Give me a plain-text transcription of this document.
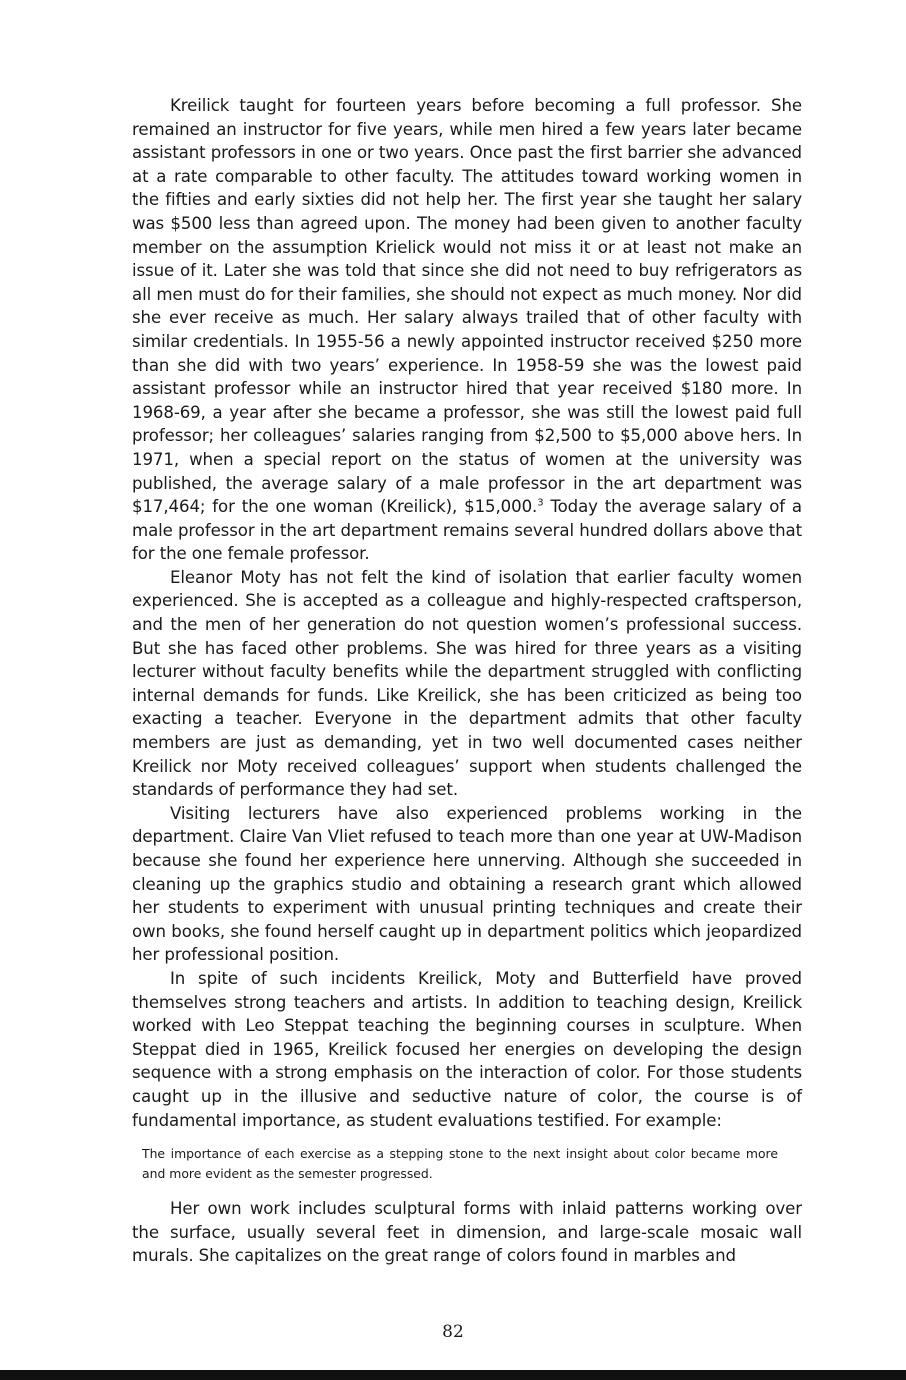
Kreilick taught for fourteen years before becoming a full professor. She remained an instructor for five years, while men hired a few years later became assistant professors in one or two years. Once past the first barrier she advanced at a rate comparable to other faculty. The attitudes toward working women in the fifties and early sixties did not help her. The first year she taught her salary was $500 less than agreed upon. The money had been given to another faculty member on the assumption Krielick would not miss it or at least not make an issue of it. Later she was told that since she did not need to buy refrigerators as all men must do for their families, she should not expect as much money. Nor did she ever receive as much. Her salary always trailed that of other faculty with similar credentials. In 1955-56 a newly appointed instructor received $250 more than she did with two years’ experience. In 1958-59 she was the lowest paid assistant professor while an instructor hired that year received $180 more. In 1968-69, a year after she became a professor, she was still the lowest paid full professor; her colleagues’ salaries ranging from $2,500 to $5,000 above hers. In 1971, when a special report on the status of women at the university was published, the average salary of a male professor in the art department was $17,464; for the one woman (Kreilick), $15,000.$^3$ Today the average salary of a male professor in the art department remains several hundred dollars above that for the one female professor.

Eleanor Moty has not felt the kind of isolation that earlier faculty women experienced. She is accepted as a colleague and highly-respected craftsperson, and the men of her generation do not question women’s professional success. But she has faced other problems. She was hired for three years as a visiting lecturer without faculty benefits while the department struggled with conflicting internal demands for funds. Like Kreilick, she has been criticized as being too exacting a teacher. Everyone in the department admits that other faculty members are just as demanding, yet in two well documented cases neither Kreilick nor Moty received colleagues’ support when students challenged the standards of performance they had set.

Visiting lecturers have also experienced problems working in the department. Claire Van Vliet refused to teach more than one year at UW-Madison because she found her experience here unnerving. Although she succeeded in cleaning up the graphics studio and obtaining a research grant which allowed her students to experiment with unusual printing techniques and create their own books, she found herself caught up in department politics which jeopardized her professional position.

In spite of such incidents Kreilick, Moty and Butterfield have proved themselves strong teachers and artists. In addition to teaching design, Kreilick worked with Leo Steppat teaching the beginning courses in sculpture. When Steppat died in 1965, Kreilick focused her energies on developing the design sequence with a strong emphasis on the interaction of color. For those students caught up in the illusive and seductive nature of color, the course is of fundamental importance, as student evaluations testified. For example:

The importance of each exercise as a stepping stone to the next insight about color became more and more evident as the semester progressed.

Her own work includes sculptural forms with inlaid patterns working over the surface, usually several feet in dimension, and large-scale mosaic wall murals. She capitalizes on the great range of colors found in marbles and

82
